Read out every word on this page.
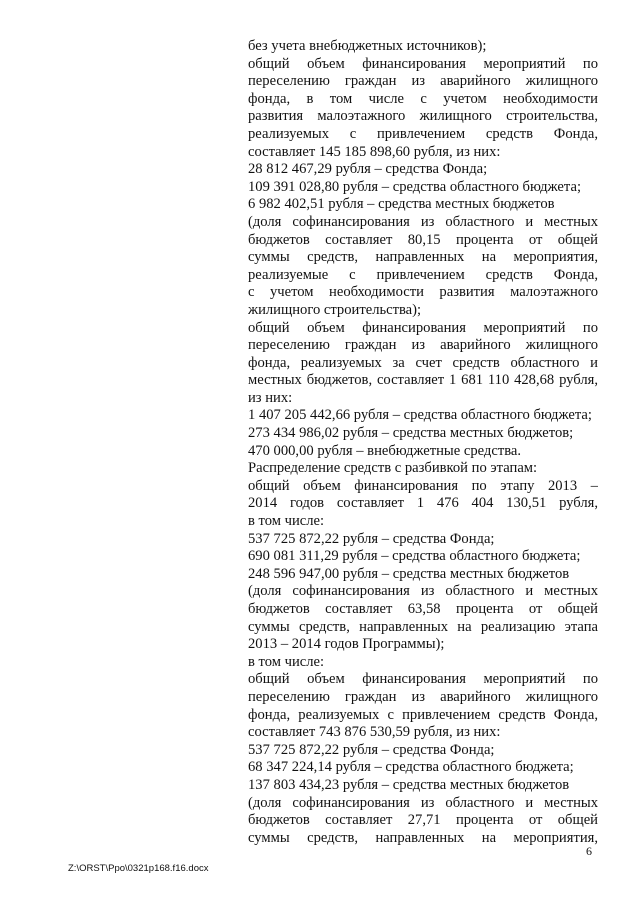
без учета внебюджетных источников);
общий объем финансирования мероприятий по
переселению граждан из аварийного жилищного
фонда, в том числе с учетом необходимости
развития малоэтажного жилищного строительства,
реализуемых с привлечением средств Фонда,
составляет 145 185 898,60 рубля, из них:
28 812 467,29 рубля – средства Фонда;
109 391 028,80 рубля – средства областного бюджета;
6 982 402,51 рубля – средства местных бюджетов
(доля софинансирования из областного и местных
бюджетов составляет 80,15 процента от общей
суммы средств, направленных на мероприятия,
реализуемые с привлечением средств Фонда,
с учетом необходимости развития малоэтажного
жилищного строительства);
общий объем финансирования мероприятий по
переселению граждан из аварийного жилищного
фонда, реализуемых за счет средств областного и
местных бюджетов, составляет 1 681 110 428,68 рубля,
из них:
1 407 205 442,66 рубля – средства областного бюджета;
273 434 986,02 рубля – средства местных бюджетов;
470 000,00 рубля – внебюджетные средства.
Распределение средств с разбивкой по этапам:
общий объем финансирования по этапу 2013 –
2014 годов составляет 1 476 404 130,51 рубля,
в том числе:
537 725 872,22 рубля – средства Фонда;
690 081 311,29 рубля – средства областного бюджета;
248 596 947,00 рубля – средства местных бюджетов
(доля софинансирования из областного и местных
бюджетов составляет 63,58 процента от общей
суммы средств, направленных на реализацию этапа
2013 – 2014 годов Программы);
в том числе:
общий объем финансирования мероприятий по
переселению граждан из аварийного жилищного
фонда, реализуемых с привлечением средств Фонда,
составляет 743 876 530,59 рубля, из них:
537 725 872,22 рубля – средства Фонда;
68 347 224,14 рубля – средства областного бюджета;
137 803 434,23 рубля – средства местных бюджетов
(доля софинансирования из областного и местных
бюджетов составляет 27,71 процента от общей
суммы средств, направленных на мероприятия,
6
Z:\ORST\Ppo\0321p168.f16.docx
